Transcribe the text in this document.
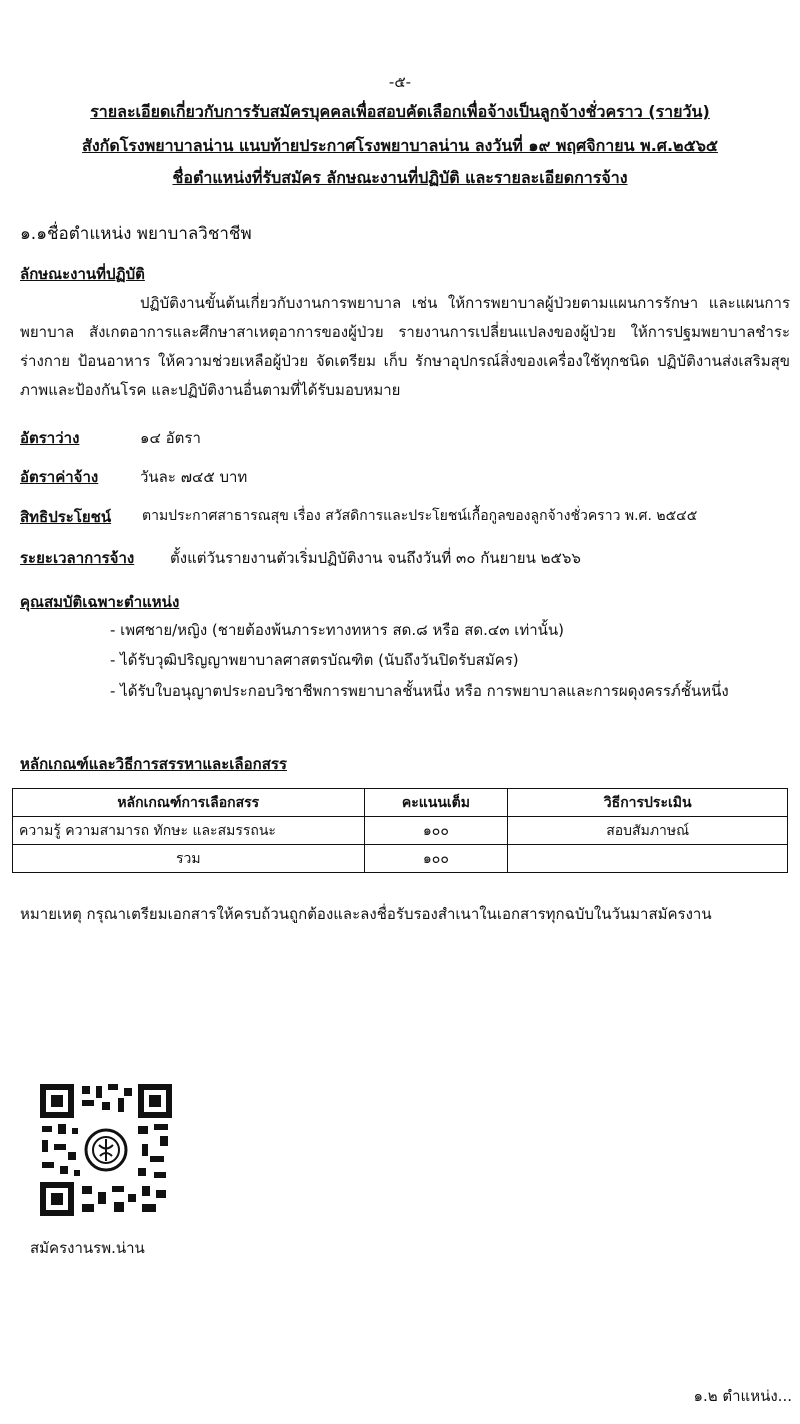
-๕-
รายละเอียดเกี่ยวกับการรับสมัครบุคคลเพื่อสอบคัดเลือกเพื่อจ้างเป็นลูกจ้างชั่วคราว (รายวัน)
สังกัดโรงพยาบาลน่าน แนบท้ายประกาศโรงพยาบาลน่าน ลงวันที่ ๑๙ พฤศจิกายน พ.ศ.๒๕๖๕
ชื่อตำแหน่งที่รับสมัคร ลักษณะงานที่ปฏิบัติ และรายละเอียดการจ้าง
๑.๑ชื่อตำแหน่ง พยาบาลวิชาชีพ
ลักษณะงานที่ปฏิบัติ

ปฏิบัติงานขั้นต้นเกี่ยวกับงานการพยาบาล เช่น ให้การพยาบาลผู้ป่วยตามแผนการรักษา และแผนการพยาบาล สังเกตอาการและศึกษาสาเหตุอาการของผู้ป่วย รายงานการเปลี่ยนแปลงของผู้ป่วย ให้การปฐมพยาบาลชำระร่างกาย ป้อนอาหาร ให้ความช่วยเหลือผู้ป่วย จัดเตรียม เก็บ รักษาอุปกรณ์สิ่งของเครื่องใช้ทุกชนิด ปฏิบัติงานส่งเสริมสุขภาพและป้องกันโรค และปฏิบัติงานอื่นตามที่ได้รับมอบหมาย

อัตราว่าง	๑๔ อัตรา
อัตราค่าจ้าง	วันละ ๗๔๕ บาท
สิทธิประโยชน์ ตามประกาศสาธารณสุข เรื่อง สวัสดิการและประโยชน์เกื้อกูลของลูกจ้างชั่วคราว พ.ศ. ๒๕๔๕
ระยะเวลาการจ้าง ตั้งแต่วันรายงานตัวเริ่มปฏิบัติงาน จนถึงวันที่ ๓๐ กันยายน ๒๕๖๖
คุณสมบัติเฉพาะตำแหน่ง
- เพศชาย/หญิง (ชายต้องพ้นภาระทางทหาร สด.๘ หรือ สด.๔๓ เท่านั้น)
- ได้รับวุฒิปริญญาพยาบาลศาสตรบัณฑิต (นับถึงวันปิดรับสมัคร)

- ได้รับใบอนุญาตประกอบวิชาชีพการพยาบาลชั้นหนึ่ง หรือ การพยาบาลและการผดุงครรภ์ชั้นหนึ่ง

หลักเกณฑ์และวิธีการสรรหาและเลือกสรร
หลักเกณฑ์การเลือกสรร	คะแนนเต็ม	วิธีการประเมิน
ความรู้ ความสามารถ ทักษะ และสมรรถนะ	๑๐๐	สอบสัมภาษณ์
รวม	๑๐๐	
หมายเหตุ กรุณาเตรียมเอกสารให้ครบถ้วนถูกต้องและลงชื่อรับรองสำเนาในเอกสารทุกฉบับในวันมาสมัครงาน
สมัครงานรพ.น่าน
๑.๒ ตำแหน่ง...
